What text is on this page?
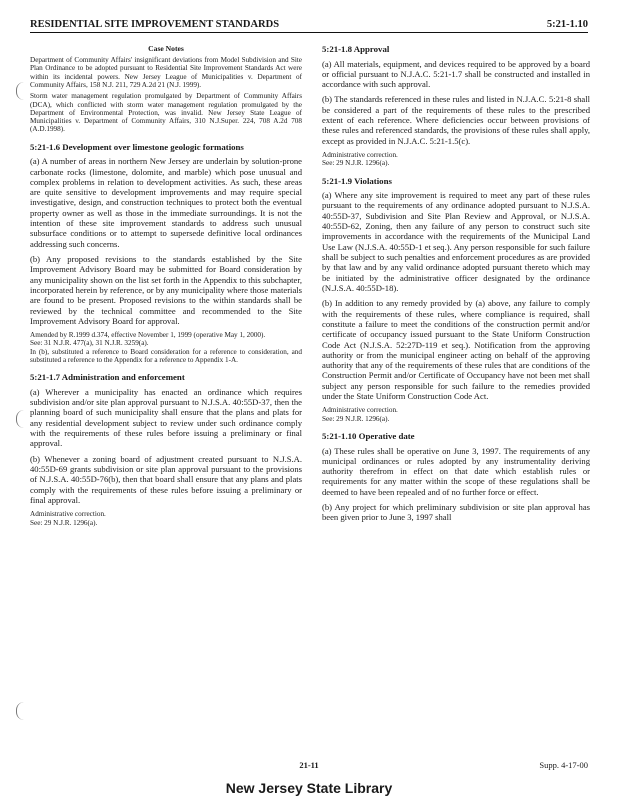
RESIDENTIAL SITE IMPROVEMENT STANDARDS	5:21-1.10
Case Notes

Department of Community Affairs' insignificant deviations from Model Subdivision and Site Plan Ordinance to be adopted pursuant to Residential Site Improvement Standards Act were within its incidental powers. New Jersey League of Municipalities v. Department of Community Affairs, 158 N.J. 211, 729 A.2d 21 (N.J. 1999).

Storm water management regulation promulgated by Department of Community Affairs (DCA), which conflicted with storm water management regulation promulgated by the Department of Environmental Protection, was invalid. New Jersey State League of Municipalities v. Department of Community Affairs, 310 N.J.Super. 224, 708 A.2d 708 (A.D.1998).

5:21-1.6 Development over limestone geologic formations

(a) A number of areas in northern New Jersey are underlain by solution-prone carbonate rocks (limestone, dolomite, and marble) which pose unusual and complex problems in relation to development activities. As such, these areas are quite sensitive to development improvements and may require special investigative, design, and construction techniques to protect both the eventual property owner as well as those in the immediate surroundings. It is not the intention of these site improvement standards to address such unusual subsurface conditions or to attempt to supersede definitive local ordinances addressing such concerns.

(b) Any proposed revisions to the standards established by the Site Improvement Advisory Board may be submitted for Board consideration by any municipality shown on the list set forth in the Appendix to this subchapter, incorporated herein by reference, or by any municipality where those materials are found to be present. Proposed revisions to the within standards shall be reviewed by the technical committee and recommended to the Site Improvement Advisory Board for approval.

Amended by R.1999 d.374, effective November 1, 1999 (operative May 1, 2000).

See: 31 N.J.R. 477(a), 31 N.J.R. 3259(a).

In (b), substituted a reference to Board consideration for a reference to consideration, and substituted a reference to the Appendix for a reference to Appendix 1-A.

5:21-1.7 Administration and enforcement

(a) Wherever a municipality has enacted an ordinance which requires subdivision and/or site plan approval pursuant to N.J.S.A. 40:55D-37, then the planning board of such municipality shall ensure that the plans and plats for any residential development subject to review under such ordinance comply with the requirements of these rules before issuing a preliminary or final approval.

(b) Whenever a zoning board of adjustment created pursuant to N.J.S.A. 40:55D-69 grants subdivision or site plan approval pursuant to the provisions of N.J.S.A. 40:55D-76(b), then that board shall ensure that any plans and plats comply with the requirements of these rules before issuing a preliminary or final approval.

Administrative correction.

See: 29 N.J.R. 1296(a).

5:21-1.8 Approval

(a) All materials, equipment, and devices required to be approved by a board or official pursuant to N.J.A.C. 5:21-1.7 shall be constructed and installed in accordance with such approval.

(b) The standards referenced in these rules and listed in N.J.A.C. 5:21-8 shall be considered a part of the requirements of these rules to the prescribed extent of each reference. Where deficiencies occur between provisions of these rules and referenced standards, the provisions of these rules shall apply, except as provided in N.J.A.C. 5:21-1.5(c).

Administrative correction.

See: 29 N.J.R. 1296(a).

5:21-1.9 Violations

(a) Where any site improvement is required to meet any part of these rules pursuant to the requirements of any ordinance adopted pursuant to N.J.S.A. 40:55D-37, Subdivision and Site Plan Review and Approval, or N.J.S.A. 40:55D-62, Zoning, then any failure of any person to construct such site improvements in accordance with the requirements of the Municipal Land Use Law (N.J.S.A. 40:55D-1 et seq.). Any person responsible for such failure shall be subject to such penalties and enforcement procedures as are provided by that law and by any valid ordinance adopted pursuant thereto which may be initiated by the administrative officer designated by the ordinance (N.J.S.A. 40:55D-18).

(b) In addition to any remedy provided by (a) above, any failure to comply with the requirements of these rules, where compliance is required, shall constitute a failure to meet the conditions of the construction permit and/or certificate of occupancy issued pursuant to the State Uniform Construction Code Act (N.J.S.A. 52:27D-119 et seq.). Notification from the approving authority or from the municipal engineer acting on behalf of the approving authority that any of the requirements of these rules that are conditions of the Construction Permit and/or Certificate of Occupancy have not been met shall subject any person responsible for such failure to the remedies provided under the State Uniform Construction Code Act.

Administrative correction.

See: 29 N.J.R. 1296(a).

5:21-1.10 Operative date

(a) These rules shall be operative on June 3, 1997. The requirements of any municipal ordinances or rules adopted by any instrumentality deriving authority therefrom in effect on that date which establish rules or requirements for any matter within the scope of these regulations shall be deemed to have been repealed and of no further force or effect.

(b) Any project for which preliminary subdivision or site plan approval has been given prior to June 3, 1997 shall

21-11	Supp. 4-17-00
New Jersey State Library
